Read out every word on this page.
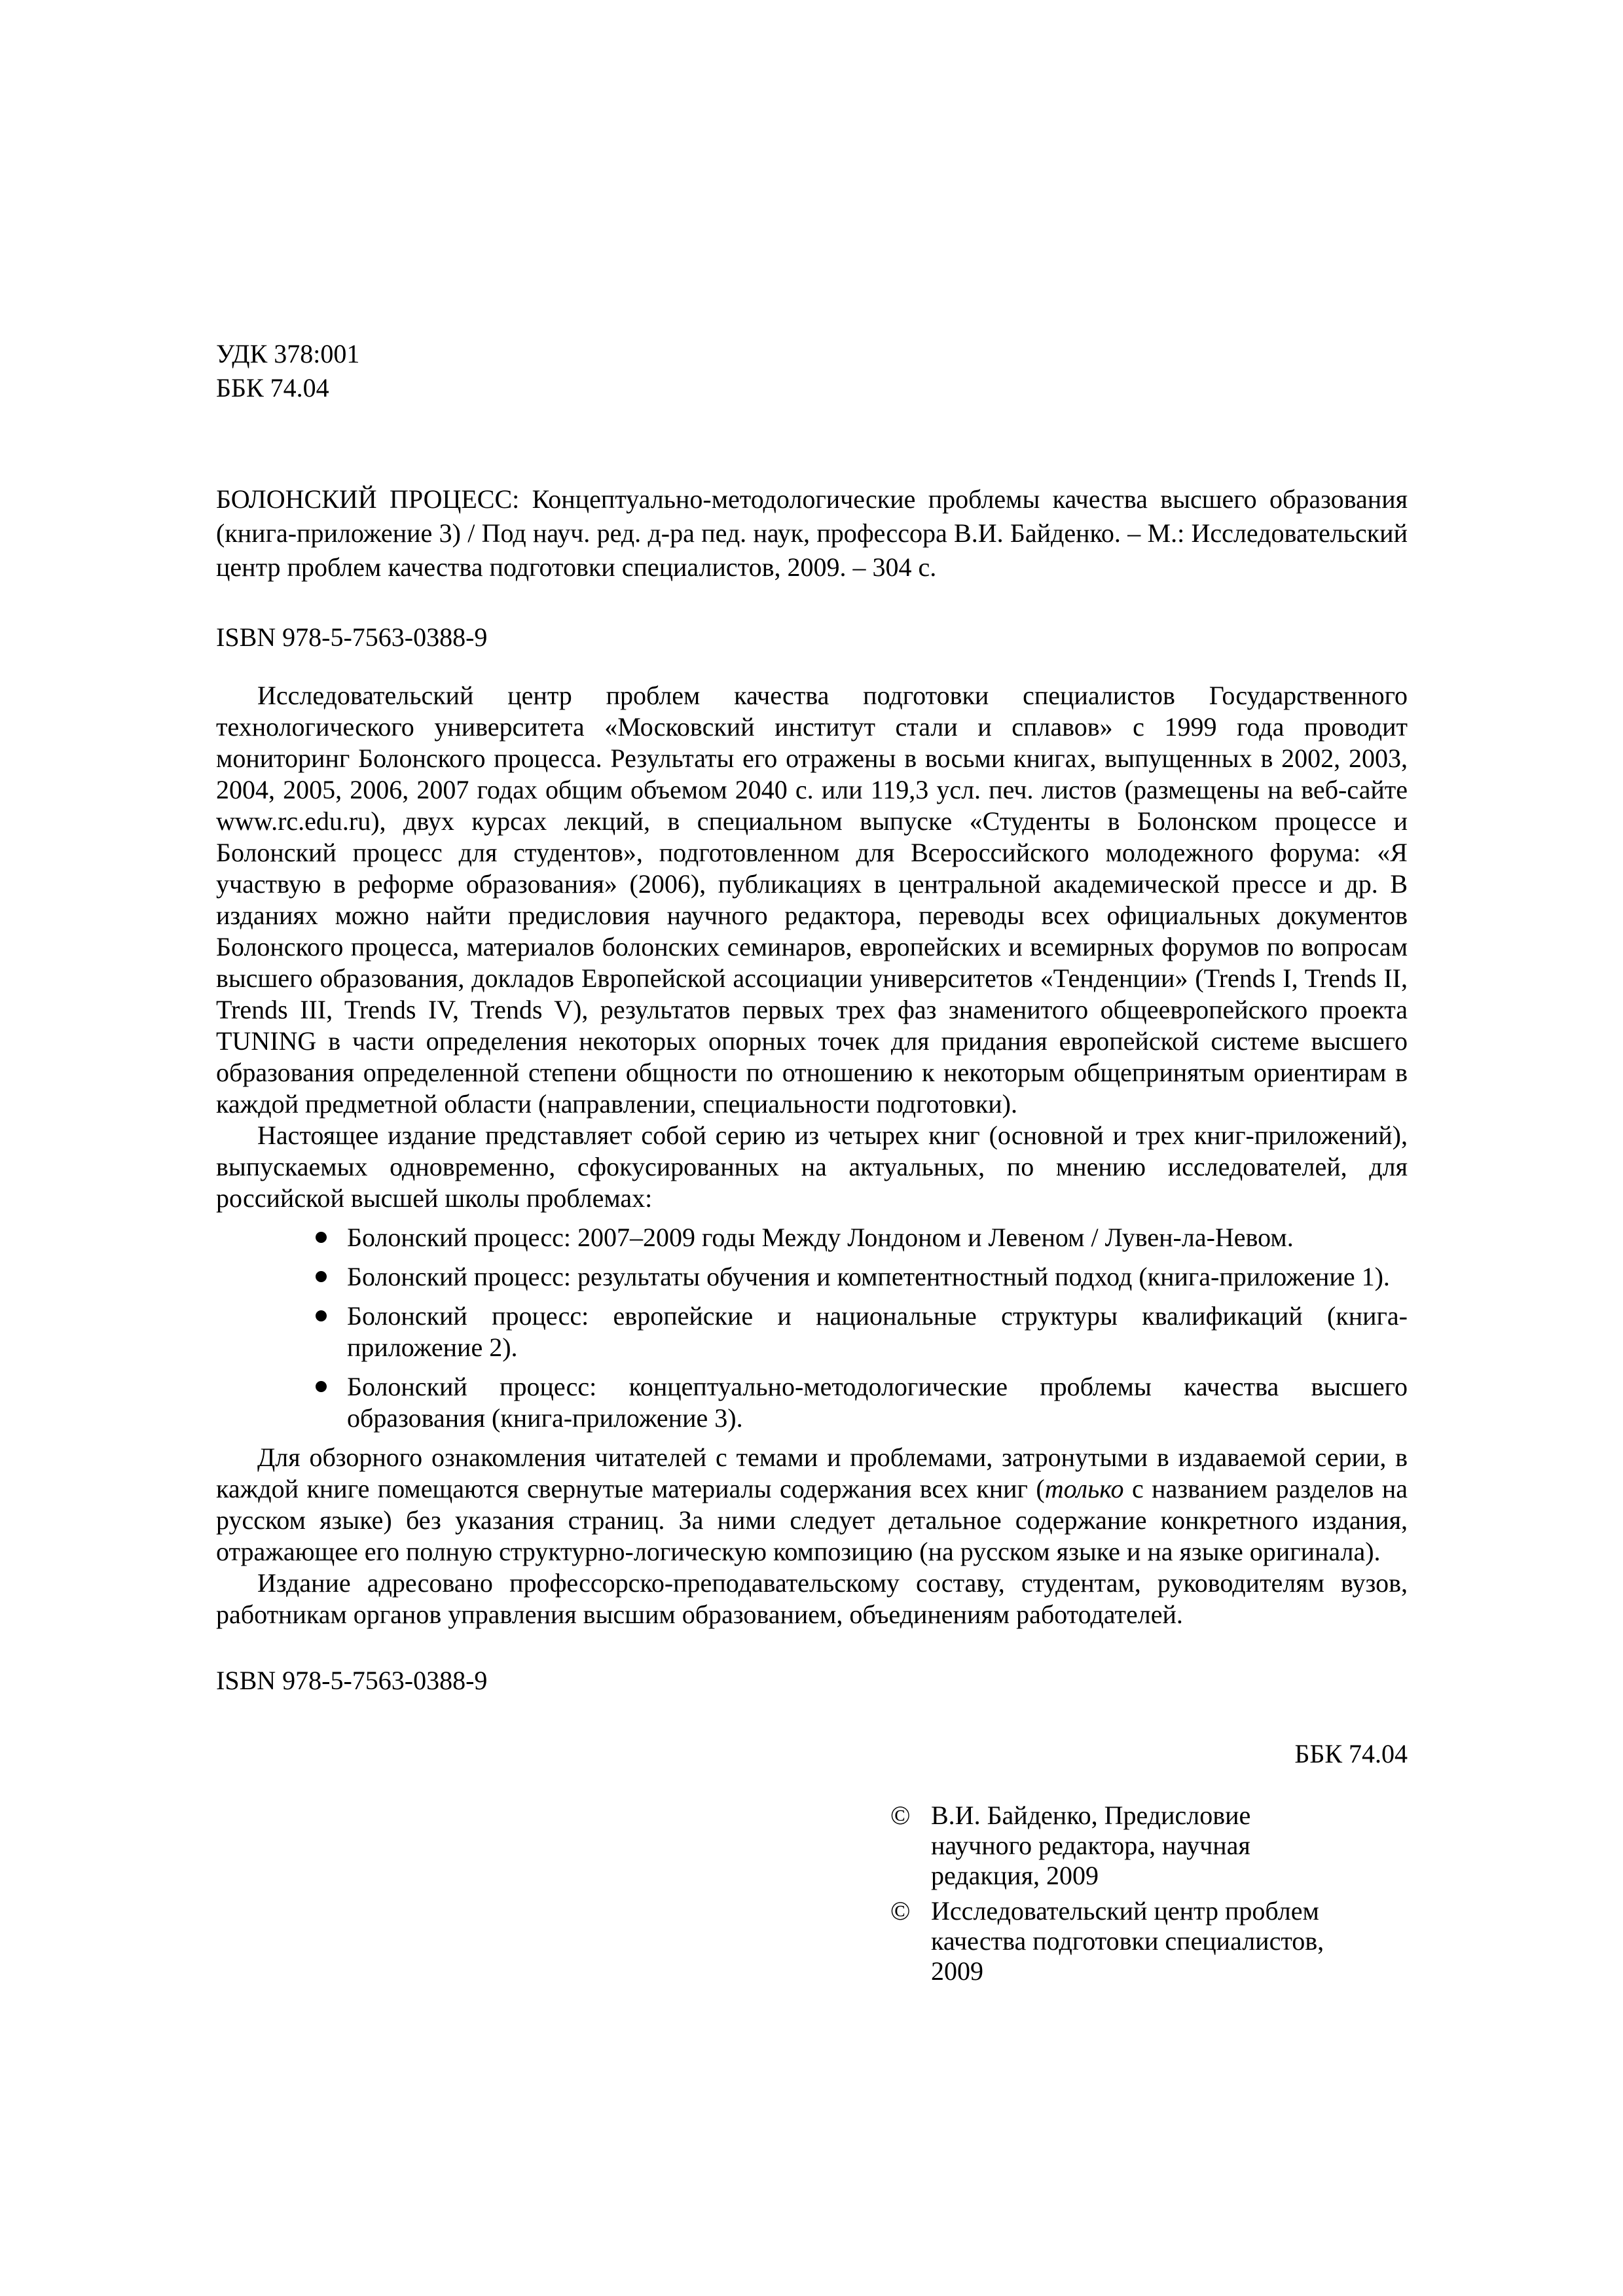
УДК 378:001
ББК 74.04

БОЛОНСКИЙ ПРОЦЕСС: Концептуально-методологические проблемы качества высшего образования (книга-приложение 3) / Под науч. ред. д-ра пед. наук, профессора В.И. Байденко. – М.: Исследовательский центр проблем качества подготовки специалистов, 2009. – 304 с.

ISBN 978-5-7563-0388-9

Исследовательский центр проблем качества подготовки специалистов Государственного технологического университета «Московский институт стали и сплавов» с 1999 года проводит мониторинг Болонского процесса. Результаты его отражены в восьми книгах, выпущенных в 2002, 2003, 2004, 2005, 2006, 2007 годах общим объемом 2040 с. или 119,3 усл. печ. листов (размещены на веб-сайте www.rc.edu.ru), двух курсах лекций, в специальном выпуске «Студенты в Болонском процессе и Болонский процесс для студентов», подготовленном для Всероссийского молодежного форума: «Я участвую в реформе образования» (2006), публикациях в центральной академической прессе и др. В изданиях можно найти предисловия научного редактора, переводы всех официальных документов Болонского процесса, материалов болонских семинаров, европейских и всемирных форумов по вопросам высшего образования, докладов Европейской ассоциации университетов «Тенденции» (Trends I, Trends II, Trends III, Trends IV, Trends V), результатов первых трех фаз знаменитого общеевропейского проекта TUNING в части определения некоторых опорных точек для придания европейской системе высшего образования определенной степени общности по отношению к некоторым общепринятым ориентирам в каждой предметной области (направлении, специальности подготовки).

Настоящее издание представляет собой серию из четырех книг (основной и трех книг-приложений), выпускаемых одновременно, сфокусированных на актуальных, по мнению исследователей, для российской высшей школы проблемах:

Болонский процесс: 2007–2009 годы Между Лондоном и Левеном / Лувен-ла-Невом.
Болонский процесс: результаты обучения и компетентностный подход (книга-приложение 1).
Болонский процесс: европейские и национальные структуры квалификаций (книга-приложение 2).
Болонский процесс: концептуально-методологические проблемы качества высшего образования (книга-приложение 3).

Для обзорного ознакомления читателей с темами и проблемами, затронутыми в издаваемой серии, в каждой книге помещаются свернутые материалы содержания всех книг (только с названием разделов на русском языке) без указания страниц. За ними следует детальное содержание конкретного издания, отражающее его полную структурно-логическую композицию (на русском языке и на языке оригинала).

Издание адресовано профессорско-преподавательскому составу, студентам, руководителям вузов, работникам органов управления высшим образованием, объединениям работодателей.

ISBN 978-5-7563-0388-9

ББК 74.04

© В.И. Байденко, Предисловие научного редактора, научная редакция, 2009
© Исследовательский центр проблем качества подготовки специалистов, 2009
